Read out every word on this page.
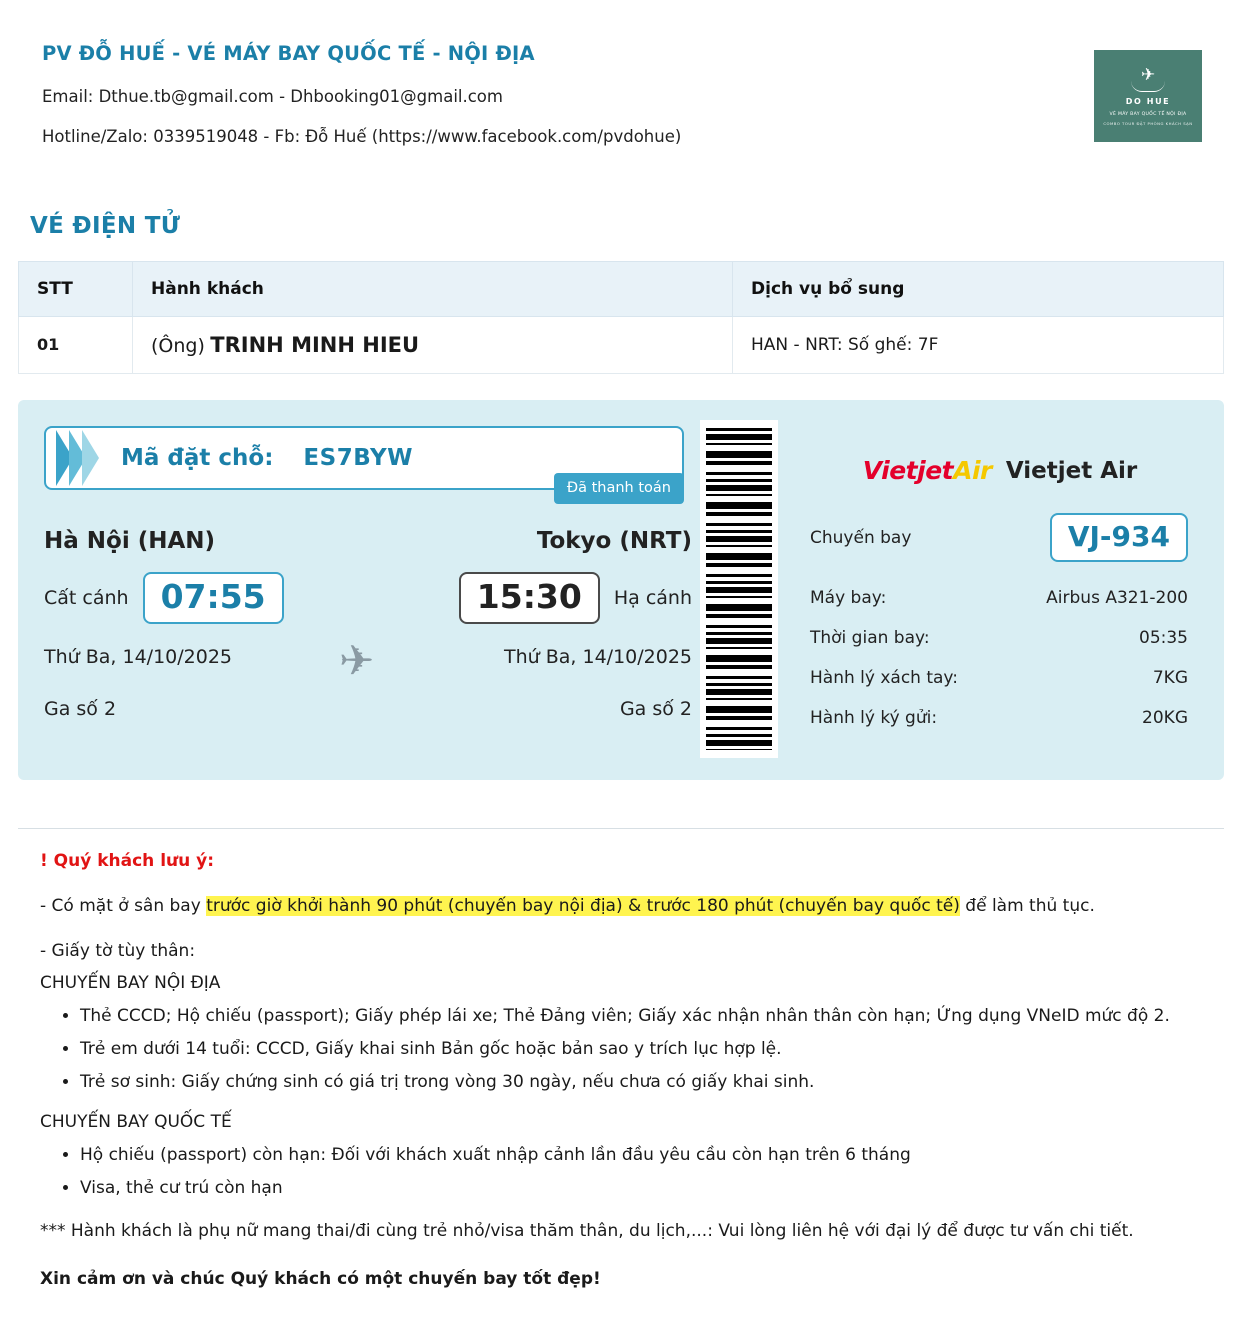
PV ĐỖ HUẾ - VÉ MÁY BAY QUỐC TẾ - NỘI ĐỊA
Email: Dthue.tb@gmail.com - Dhbooking01@gmail.com
Hotline/Zalo: 0339519048 - Fb: Đỗ Huế (https://www.facebook.com/pvdohue)
✈
DO HUE
VÉ MÁY BAY QUỐC TẾ NỘI ĐỊA
COMBO TOUR ĐẶT PHÒNG KHÁCH SẠN
VÉ ĐIỆN TỬ
STT	Hành khách	Dịch vụ bổ sung
01	(Ông) TRINH MINH HIEU	HAN - NRT: Số ghế: 7F
Mã đặt chỗ: ES7BYW
Đã thanh toán
Hà Nội (HAN)	Tokyo (NRT)
Cất cánh 07:55	15:30	Hạ cánh
Thứ Ba, 14/10/2025	✈	Thứ Ba, 14/10/2025
Ga số 2	Ga số 2
VietjetAir Vietjet Air
Chuyến bay	VJ-934
Máy bay:	Airbus A321-200
Thời gian bay:	05:35
Hành lý xách tay:	7KG
Hành lý ký gửi:	20KG
! Quý khách lưu ý:
- Có mặt ở sân bay trước giờ khởi hành 90 phút (chuyến bay nội địa) & trước 180 phút (chuyến bay quốc tế) để làm thủ tục.
- Giấy tờ tùy thân:
CHUYẾN BAY NỘI ĐỊA
• Thẻ CCCD; Hộ chiếu (passport); Giấy phép lái xe; Thẻ Đảng viên; Giấy xác nhận nhân thân còn hạn; Ứng dụng VNeID mức độ 2.
• Trẻ em dưới 14 tuổi: CCCD, Giấy khai sinh Bản gốc hoặc bản sao y trích lục hợp lệ.
• Trẻ sơ sinh: Giấy chứng sinh có giá trị trong vòng 30 ngày, nếu chưa có giấy khai sinh.
CHUYẾN BAY QUỐC TẾ
• Hộ chiếu (passport) còn hạn: Đối với khách xuất nhập cảnh lần đầu yêu cầu còn hạn trên 6 tháng
• Visa, thẻ cư trú còn hạn
*** Hành khách là phụ nữ mang thai/đi cùng trẻ nhỏ/visa thăm thân, du lịch,...: Vui lòng liên hệ với đại lý để được tư vấn chi tiết.
Xin cảm ơn và chúc Quý khách có một chuyến bay tốt đẹp!
